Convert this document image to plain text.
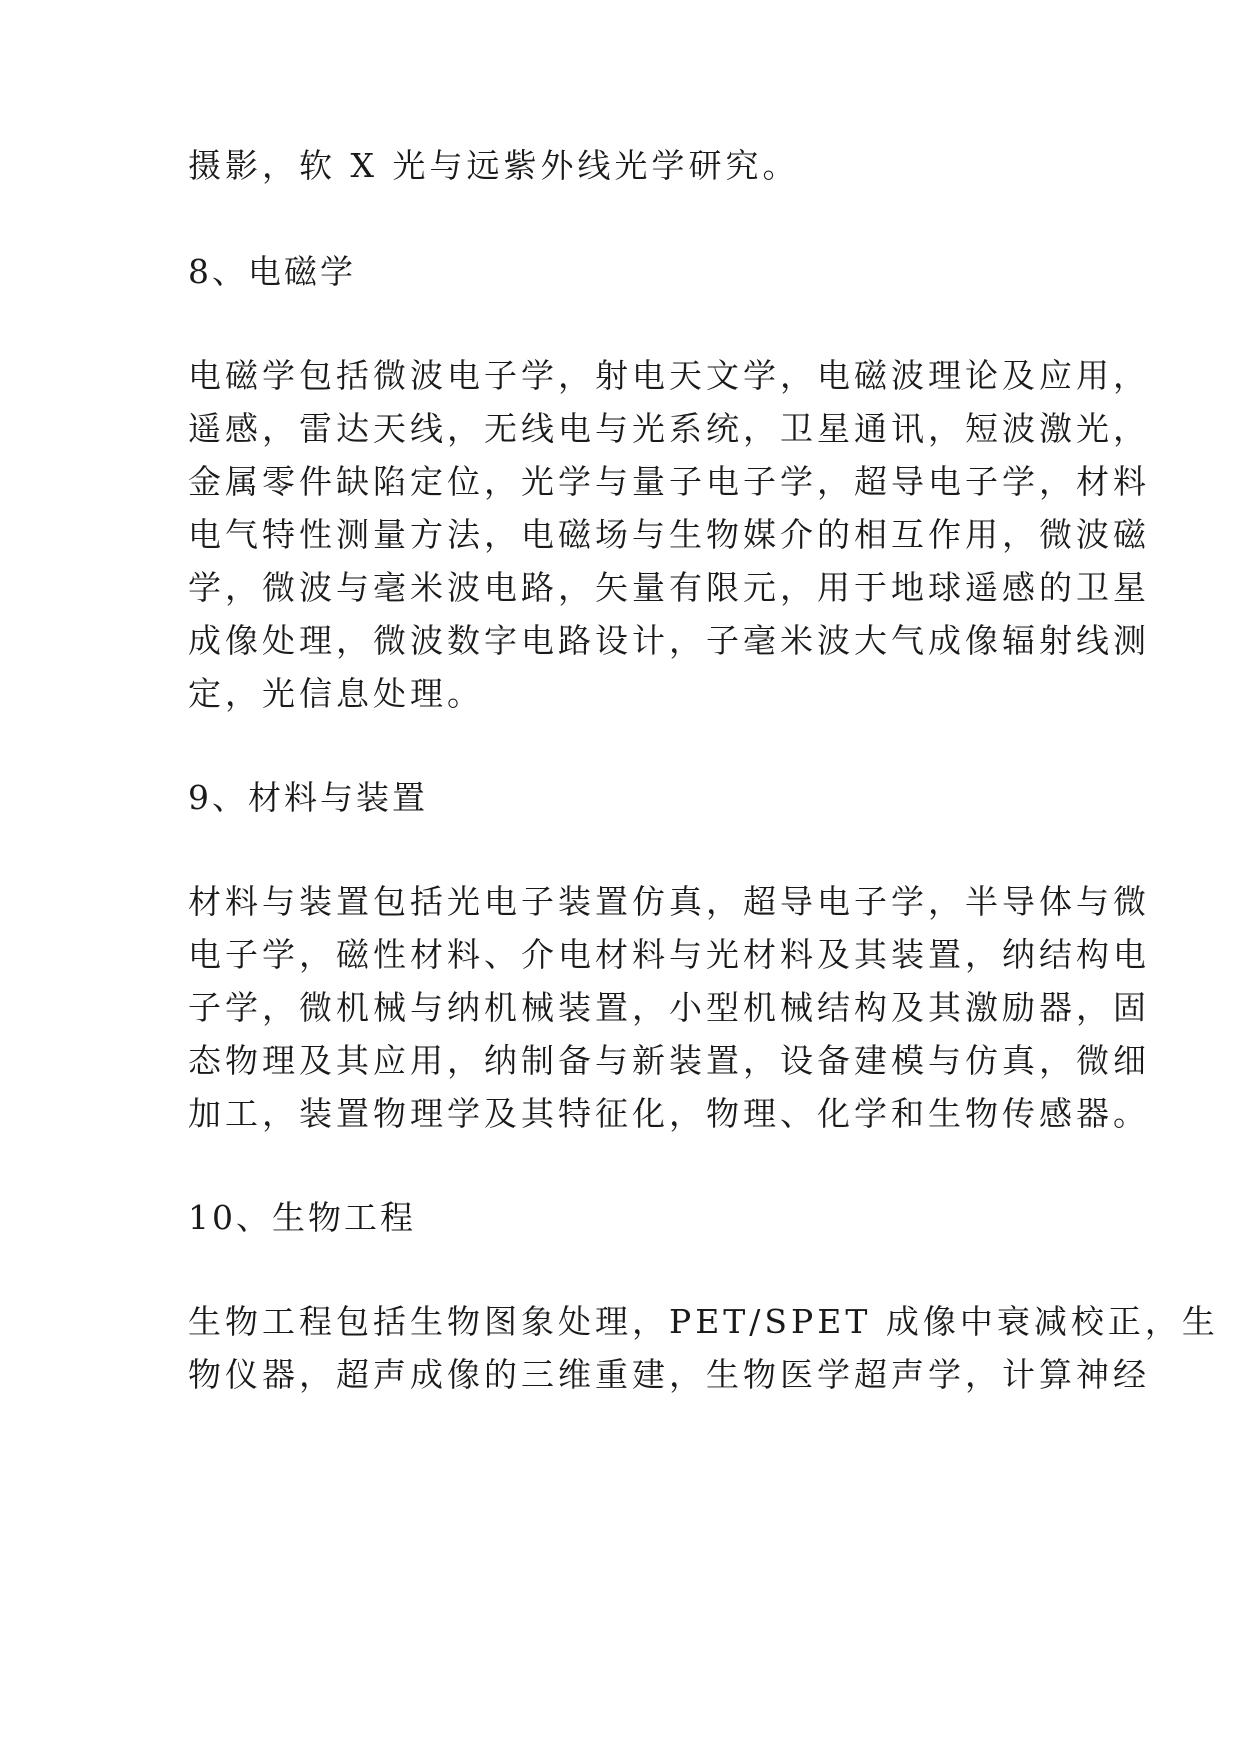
摄影，软 X 光与远紫外线光学研究。
8、电磁学
电磁学包括微波电子学，射电天文学，电磁波理论及应用，
遥感，雷达天线，无线电与光系统，卫星通讯，短波激光，
金属零件缺陷定位，光学与量子电子学，超导电子学，材料
电气特性测量方法，电磁场与生物媒介的相互作用，微波磁
学，微波与毫米波电路，矢量有限元，用于地球遥感的卫星
成像处理，微波数字电路设计，子毫米波大气成像辐射线测
定，光信息处理。
9、材料与装置
材料与装置包括光电子装置仿真，超导电子学，半导体与微
电子学，磁性材料、介电材料与光材料及其装置，纳结构电
子学，微机械与纳机械装置，小型机械结构及其激励器，固
态物理及其应用，纳制备与新装置，设备建模与仿真，微细
加工，装置物理学及其特征化，物理、化学和生物传感器。
10、生物工程
生物工程包括生物图象处理，PET/SPET 成像中衰减校正，生
物仪器，超声成像的三维重建，生物医学超声学，计算神经
